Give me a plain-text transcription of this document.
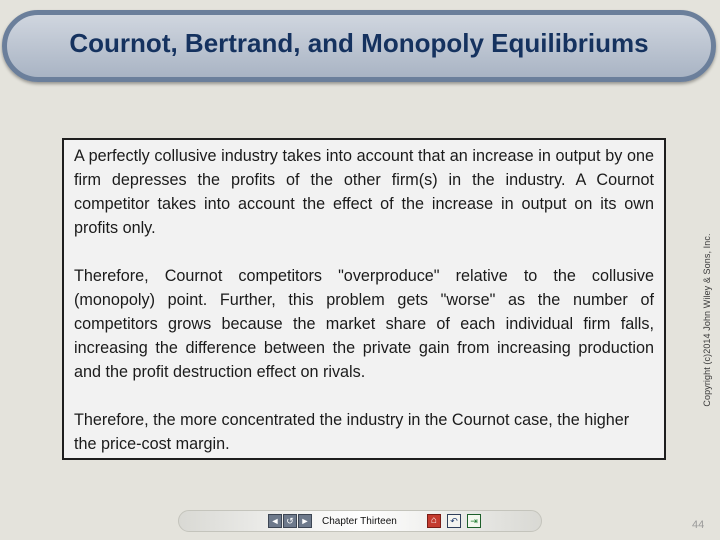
Cournot, Bertrand, and Monopoly Equilibriums

A perfectly collusive industry takes into account that an increase in output by one firm depresses the profits of the other firm(s) in the industry. A Cournot competitor takes into account the effect of the increase in output on its own profits only.

Therefore, Cournot competitors "overproduce" relative to the collusive (monopoly) point. Further, this problem gets "worse" as the number of competitors grows because the market share of each individual firm falls, increasing the difference between the private gain from increasing production and the profit destruction effect on rivals.

Therefore, the more concentrated the industry in the Cournot case, the higher the price-cost margin.

Copyright (c)2014 John Wiley & Sons, Inc.
◄ ↺ ► Chapter Thirteen	⌂	↶	⇥	44
